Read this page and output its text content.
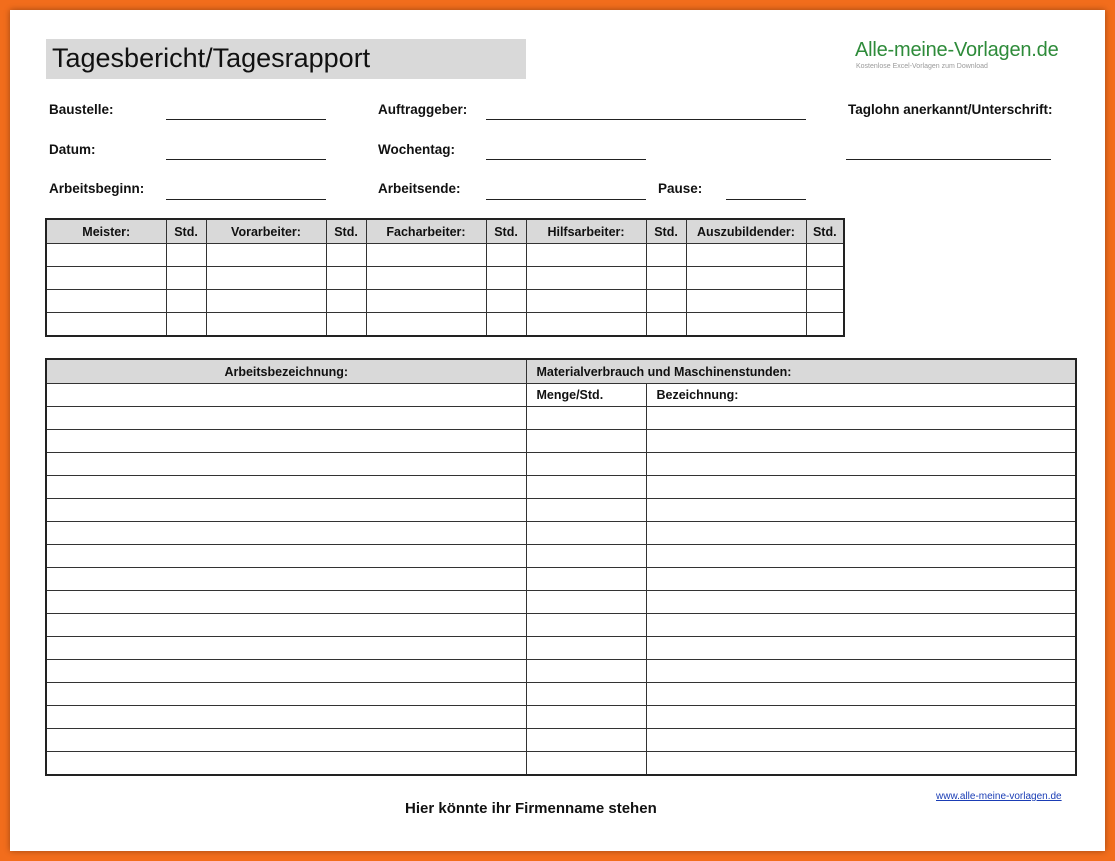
Tagesbericht/Tagesrapport	Alle-meine-Vorlagen.de
Kostenlose Excel-Vorlagen zum Download
Baustelle:	Auftraggeber:	Taglohn anerkannt/Unterschrift:
Datum:	Wochentag:
Arbeitsbeginn:	Arbeitsende:	Pause:
Meister:	Std.	Vorarbeiter:	Std.	Facharbeiter:	Std.	Hilfsarbeiter:	Std.	Auszubildender:	Std.

Arbeitsbezeichnung:	Materialverbrauch und Maschinenstunden:	
	Menge/Std.	Bezeichnung:

Hier könnte ihr Firmenname stehen
www.alle-meine-vorlagen.de
